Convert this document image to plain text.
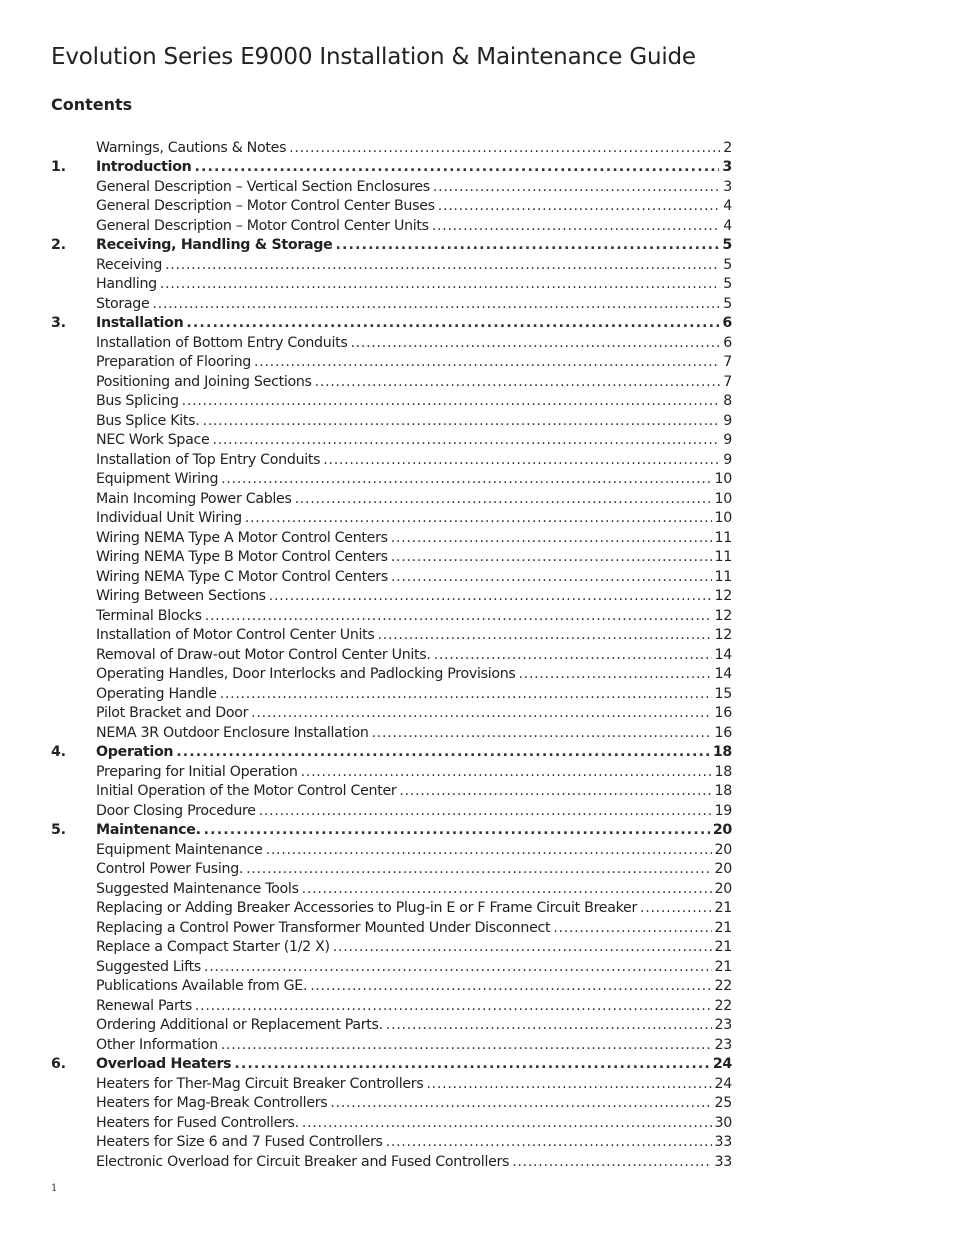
Evolution Series E9000 Installation & Maintenance Guide
Contents
Warnings, Cautions & Notes . . .	2
1.	Introduction . . .	3
General Description – Vertical Section Enclosures . . .	3
General Description – Motor Control Center Buses . . .	4
General Description – Motor Control Center Units . . .	4
2.	Receiving, Handling & Storage . . .	5
Receiving . . .	5
Handling . . .	5
Storage . . .	5
3.	Installation . . .	6
Installation of Bottom Entry Conduits . . .	6
Preparation of Flooring . . .	7
Positioning and Joining Sections . . .	7
Bus Splicing . . .	8
Bus Splice Kits. . . .	9
NEC Work Space . . .	9
Installation of Top Entry Conduits . . .	9
Equipment Wiring . . .	10
Main Incoming Power Cables . . .	10
Individual Unit Wiring . . .	10
Wiring NEMA Type A Motor Control Centers . . .	11
Wiring NEMA Type B Motor Control Centers . . .	11
Wiring NEMA Type C Motor Control Centers . . .	11
Wiring Between Sections . . .	12
Terminal Blocks . . .	12
Installation of Motor Control Center Units . . .	12
Removal of Draw-out Motor Control Center Units. . . .	14
Operating Handles, Door Interlocks and Padlocking Provisions . . .	14
Operating Handle . . .	15
Pilot Bracket and Door . . .	16
NEMA 3R Outdoor Enclosure Installation . . .	16
4.	Operation . . .	18
Preparing for Initial Operation . . .	18
Initial Operation of the Motor Control Center . . .	18
Door Closing Procedure . . .	19
5.	Maintenance. . . .	20
Equipment Maintenance . . .	20
Control Power Fusing. . . .	20
Suggested Maintenance Tools . . .	20
Replacing or Adding Breaker Accessories to Plug-in E or F Frame Circuit Breaker . . .	21
Replacing a Control Power Transformer Mounted Under Disconnect . . .	21
Replace a Compact Starter (1/2 X) . . .	21
Suggested Lifts . . .	21
Publications Available from GE. . . .	22
Renewal Parts . . .	22
Ordering Additional or Replacement Parts. . . .	23
Other Information . . .	23
6.	Overload Heaters . . .	24
Heaters for Ther-Mag Circuit Breaker Controllers . . .	24
Heaters for Mag-Break Controllers . . .	25
Heaters for Fused Controllers. . . .	30
Heaters for Size 6 and 7 Fused Controllers . . .	33
Electronic Overload for Circuit Breaker and Fused Controllers . . .	33
1
